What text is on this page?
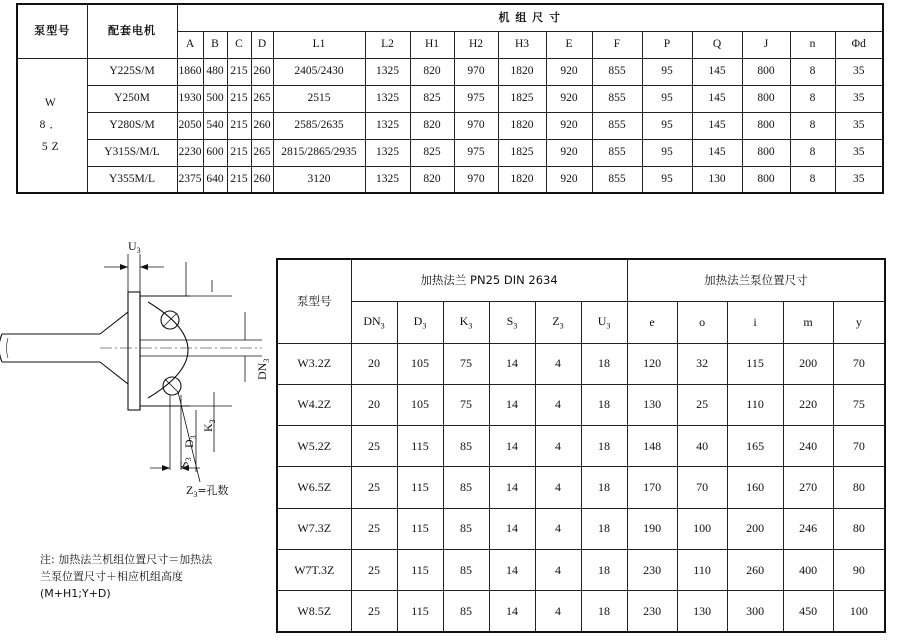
泵型号	配套电机	机 组 尺 寸															
		A	B	C	D	L1	L2	H1	H2	H3	E	F	P	Q	J	n	Φd
W 8．5Z	Y225S/M	1860	480	215	260	2405/2430	1325	820	970	1820	920	855	95	145	800	8	35
	Y250M	1930	500	215	265	2515	1325	825	975	1825	920	855	95	145	800	8	35
	Y280S/M	2050	540	215	260	2585/2635	1325	820	970	1820	920	855	95	145	800	8	35
	Y315S/M/L	2230	600	215	265	2815/2865/2935	1325	825	975	1825	920	855	95	145	800	8	35
	Y355M/L	2375	640	215	260	3120	1325	820	970	1820	920	855	95	130	800	8	35
$U_3$
$DN_3$
$D_3$
$K_3$
$S_3$
$Z_3=$孔数
注: 加热法兰机组位置尺寸＝加热法
兰泵位置尺寸＋相应机组高度
(M+H1;Y+D)
泵型号	加热法兰 PN25 DIN 2634						加热法兰泵位置尺寸				
	$DN_3$	$D_3$	$K_3$	$S_3$	$Z_3$	$U_3$	e	o	i	m	y
W3.2Z	20	105	75	14	4	18	120	32	115	200	70
W4.2Z	20	105	75	14	4	18	130	25	110	220	75
W5.2Z	25	115	85	14	4	18	148	40	165	240	70
W6.5Z	25	115	85	14	4	18	170	70	160	270	80
W7.3Z	25	115	85	14	4	18	190	100	200	246	80
W7T.3Z	25	115	85	14	4	18	230	110	260	400	90
W8.5Z	25	115	85	14	4	18	230	130	300	450	100
